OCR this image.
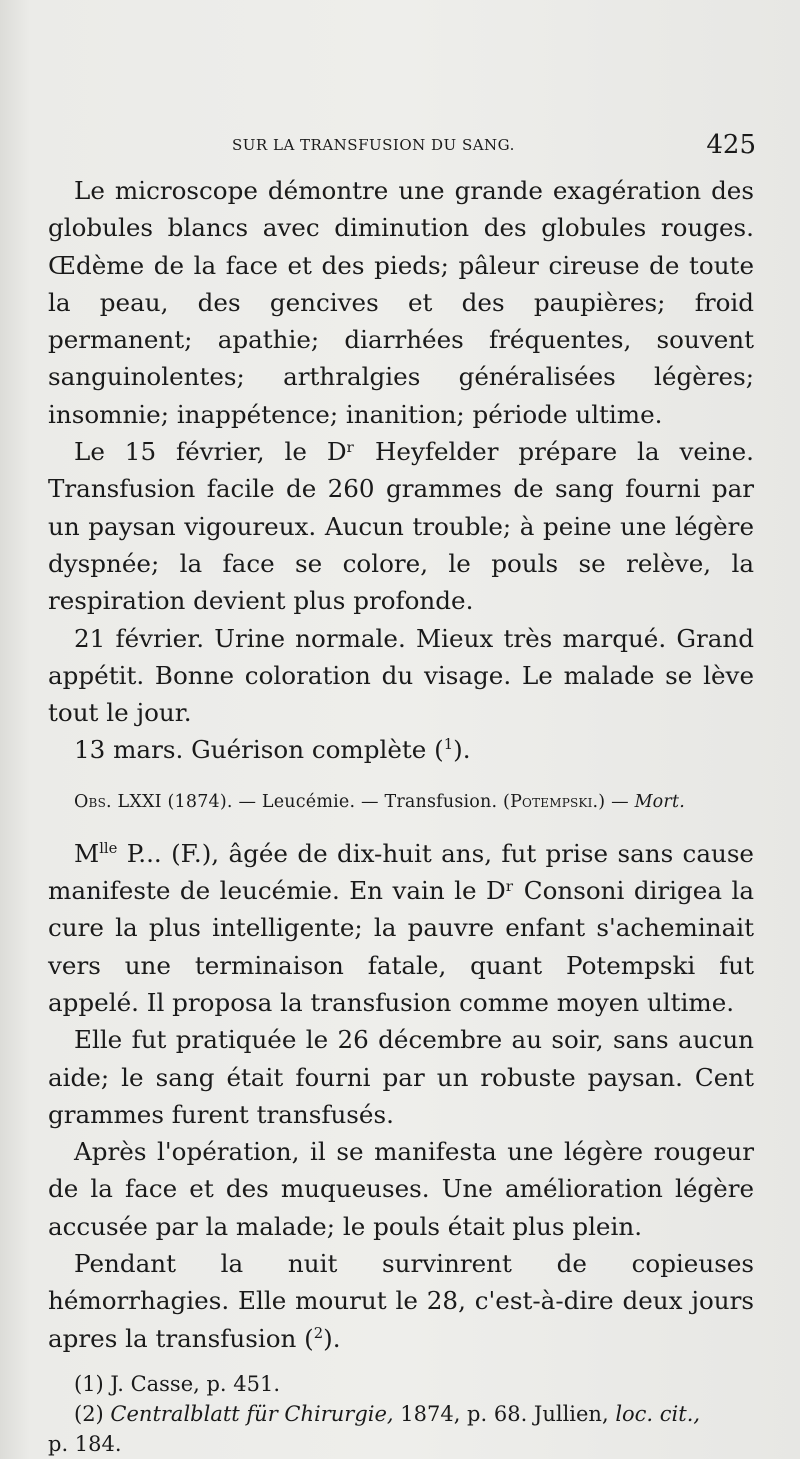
SUR LA TRANSFUSION DU SANG.	425

Le microscope démontre une grande exagération des globules blancs avec diminution des globules rouges. Œdème de la face et des pieds; pâleur cireuse de toute la peau, des gencives et des paupières; froid permanent; apathie; diarrhées fréquentes, souvent sanguinolentes; arthralgies généralisées légères; insomnie; inappétence; inanition; période ultime.

Le 15 février, le Dʳ Heyfelder prépare la veine. Transfusion facile de 260 grammes de sang fourni par un paysan vigoureux. Aucun trouble; à peine une légère dyspnée; la face se colore, le pouls se relève, la respiration devient plus profonde.

21 février. Urine normale. Mieux très marqué. Grand appétit. Bonne coloration du visage. Le malade se lève tout le jour.

13 mars. Guérison complète ($^1$).

Obs. LXXI (1874). — Leucémie. — Transfusion. (Potempski.) — Mort.

$M^{lle}$ P... (F.), âgée de dix-huit ans, fut prise sans cause manifeste de leucémie. En vain le Dʳ Consoni dirigea la cure la plus intelligente; la pauvre enfant s'acheminait vers une terminaison fatale, quant Potempski fut appelé. Il proposa la transfusion comme moyen ultime.

Elle fut pratiquée le 26 décembre au soir, sans aucun aide; le sang était fourni par un robuste paysan. Cent grammes furent transfusés.

Après l'opération, il se manifesta une légère rougeur de la face et des muqueuses. Une amélioration légère accusée par la malade; le pouls était plus plein.

Pendant la nuit survinrent de copieuses hémorrhagies. Elle mourut le 28, c'est-à-dire deux jours apres la transfusion ($^2$).

(1) J. Casse, p. 451.

(2) Centralblatt für Chirurgie, 1874, p. 68. Jullien, loc. cit.,

p. 184.
